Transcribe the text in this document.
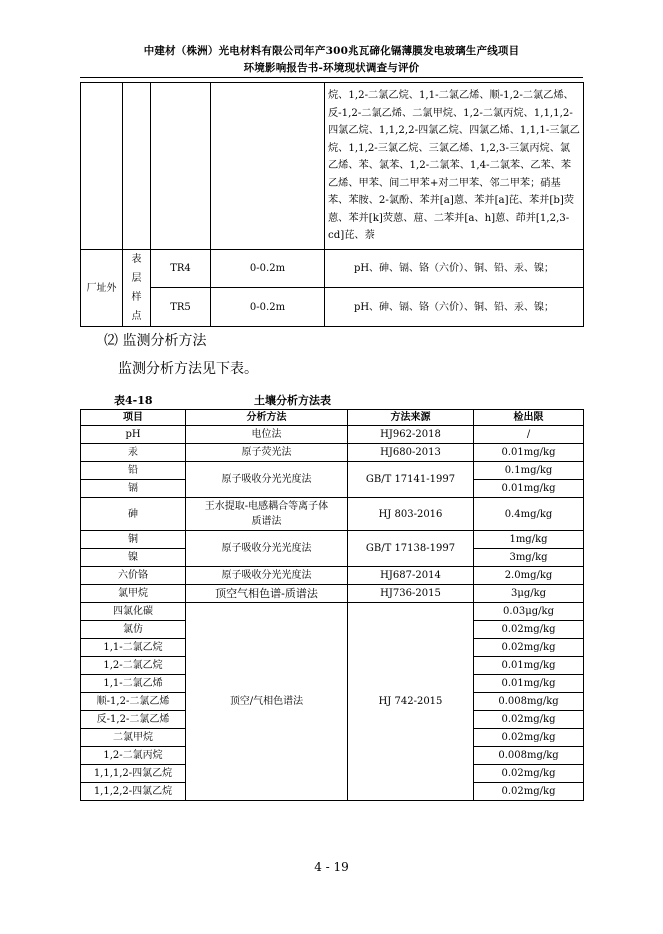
中建材（株洲）光电材料有限公司年产300兆瓦碲化镉薄膜发电玻璃生产线项目
环境影响报告书-环境现状调查与评价
				烷、1,2-二氯乙烷、1,1-二氯乙烯、顺-1,2-二氯乙烯、反-1,2-二氯乙烯、二氯甲烷、1,2-二氯丙烷、1,1,1,2-四氯乙烷、1,1,2,2-四氯乙烷、四氯乙烯、1,1,1-三氯乙烷、1,1,2-三氯乙烷、三氯乙烯、1,2,3-三氯丙烷、氯乙烯、苯、氯苯、1,2-二氯苯、1,4-二氯苯、乙苯、苯乙烯、甲苯、间二甲苯+对二甲苯、邻二甲苯；硝基苯、苯胺、2-氯酚、苯并[a]蒽、苯并[a]芘、苯并[b]荧蒽、苯并[k]荧蒽、䓛、二苯并[a、h]蒽、茚并[1,2,3-cd]芘、萘
厂址外	表层样点	TR4	0-0.2m	pH、砷、镉、铬（六价）、铜、铅、汞、镍；
		TR5	0-0.2m	pH、砷、镉、铬（六价）、铜、铅、汞、镍；
⑵ 监测分析方法
监测分析方法见下表。
表4-18	土壤分析方法表
项目	分析方法	方法来源	检出限
pH	电位法	HJ962-2018	/
汞	原子荧光法	HJ680-2013	0.01mg/kg
铅	原子吸收分光光度法	GB/T 17141-1997	0.1mg/kg
镉			0.01mg/kg
砷	王水提取-电感耦合等离子体质谱法	HJ 803-2016	0.4mg/kg
铜	原子吸收分光光度法	GB/T 17138-1997	1mg/kg
镍			3mg/kg
六价铬	原子吸收分光光度法	HJ687-2014	2.0mg/kg
氯甲烷	顶空气相色谱-质谱法	HJ736-2015	3μg/kg
四氯化碳	顶空/气相色谱法	HJ 742-2015	0.03μg/kg
氯仿			0.02mg/kg
1,1-二氯乙烷			0.02mg/kg
1,2-二氯乙烷			0.01mg/kg
1,1-二氯乙烯			0.01mg/kg
顺-1,2-二氯乙烯			0.008mg/kg
反-1,2-二氯乙烯			0.02mg/kg
二氯甲烷			0.02mg/kg
1,2-二氯丙烷			0.008mg/kg
1,1,1,2-四氯乙烷			0.02mg/kg
1,1,2,2-四氯乙烷			0.02mg/kg
4 - 19
